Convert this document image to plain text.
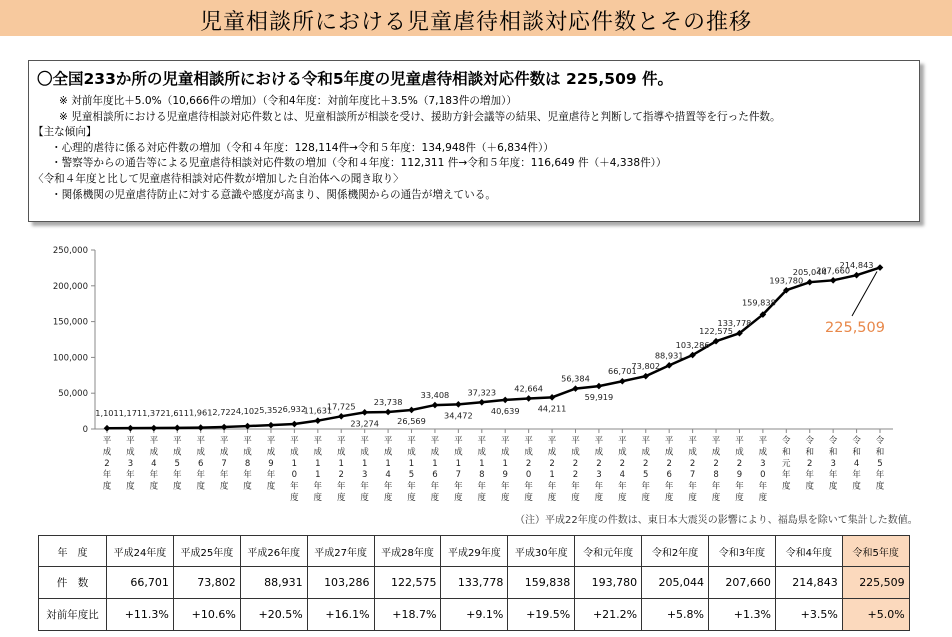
児童相談所における児童虐待相談対応件数とその推移
〇全国233か所の児童相談所における令和5年度の児童虐待相談対応件数は 225,509 件。
※ 対前年度比＋5.0%（10,666件の増加）（令和4年度：対前年度比＋3.5%（7,183件の増加））
※ 児童相談所における児童虐待相談対応件数とは、児童相談所が相談を受け、援助方針会議等の結果、児童虐待と判断して指導や措置等を行った件数。
【主な傾向】
・心理的虐待に係る対応件数の増加（令和４年度：128,114件→令和５年度：134,948件（＋6,834件））
・警察等からの通告等による児童虐待相談対応件数の増加（令和４年度：112,311 件→令和５年度：116,649 件（＋4,338件））
〈令和４年度と比して児童虐待相談対応件数が増加した自治体への聞き取り〉
・関係機関の児童虐待防止に対する意識や感度が高まり、関係機関からの通告が増えている。
0
50,000
100,000
150,000
200,000
250,000
平成 2 年度
平成 3 年度
平成 4 年度
平成 5 年度
平成 6 年度
平成 7 年度
平成 8 年度
平成 9 年度
平成 1 0 年度
平成 1 1 年度
平成 1 2 年度
平成 1 3 年度
平成 1 4 年度
平成 1 5 年度
平成 1 6 年度
平成 1 7 年度
平成 1 8 年度
平成 1 9 年度
平成 2 0 年度
平成 2 1 年度
平成 2 2 年度
平成 2 3 年度
平成 2 4 年度
平成 2 5 年度
平成 2 6 年度
平成 2 7 年度
平成 2 8 年度
平成 2 9 年度
平成 3 0 年度
令和元年度
令和 2 年度
令和 3 年度
令和 4 年度
令和 5 年度
1,101 1,171 1,372 1,611 1,961 2,722 4,102 5,352 6,932
11,631
17,725
23,274
23,738
26,569
33,408
34,472
37,323
40,639
42,664
44,211
56,384
59,919
66,701
73,802
88,931
103,286
122,575
133,778
159,838
193,780
205,044
207,660
214,843
225,509
（注）平成22年度の件数は、東日本大震災の影響により、福島県を除いて集計した数値。
年　度	平成24年度	平成25年度	平成26年度	平成27年度	平成28年度	平成29年度	平成30年度	令和元年度	令和2年度	令和3年度	令和4年度	令和5年度
件　数	66,701	73,802	88,931	103,286	122,575	133,778	159,838	193,780	205,044	207,660	214,843	225,509
対前年度比	+11.3%	+10.6%	+20.5%	+16.1%	+18.7%	+9.1%	+19.5%	+21.2%	+5.8%	+1.3%	+3.5%	+5.0%
